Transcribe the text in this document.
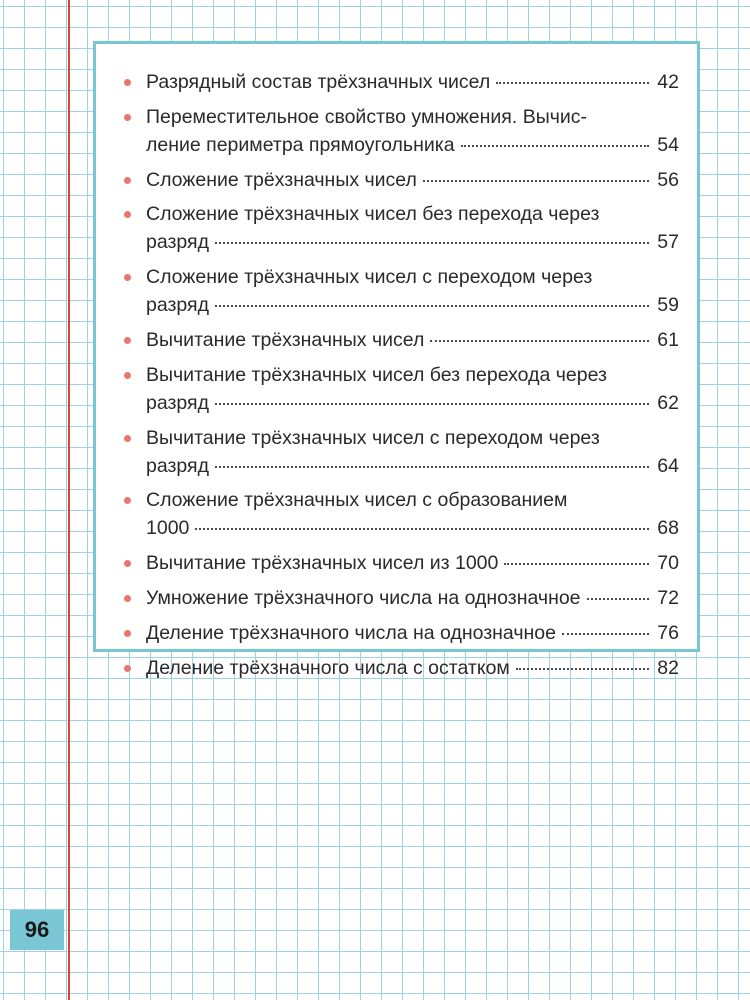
Разрядный состав трёхзначных чисел	42
Переместительное свойство умножения. Вычис-
ление периметра прямоугольника	54
Сложение трёхзначных чисел	56
Сложение трёхзначных чисел без перехода через
разряд	57
Сложение трёхзначных чисел с переходом через
разряд	59
Вычитание трёхзначных чисел	61
Вычитание трёхзначных чисел без перехода через
разряд	62
Вычитание трёхзначных чисел с переходом через
разряд	64
Сложение трёхзначных чисел с образованием
1000	68
Вычитание трёхзначных чисел из 1000	70
Умножение трёхзначного числа на однозначное	72
Деление трёхзначного числа на однозначное	76
Деление трёхзначного числа с остатком	82
96
